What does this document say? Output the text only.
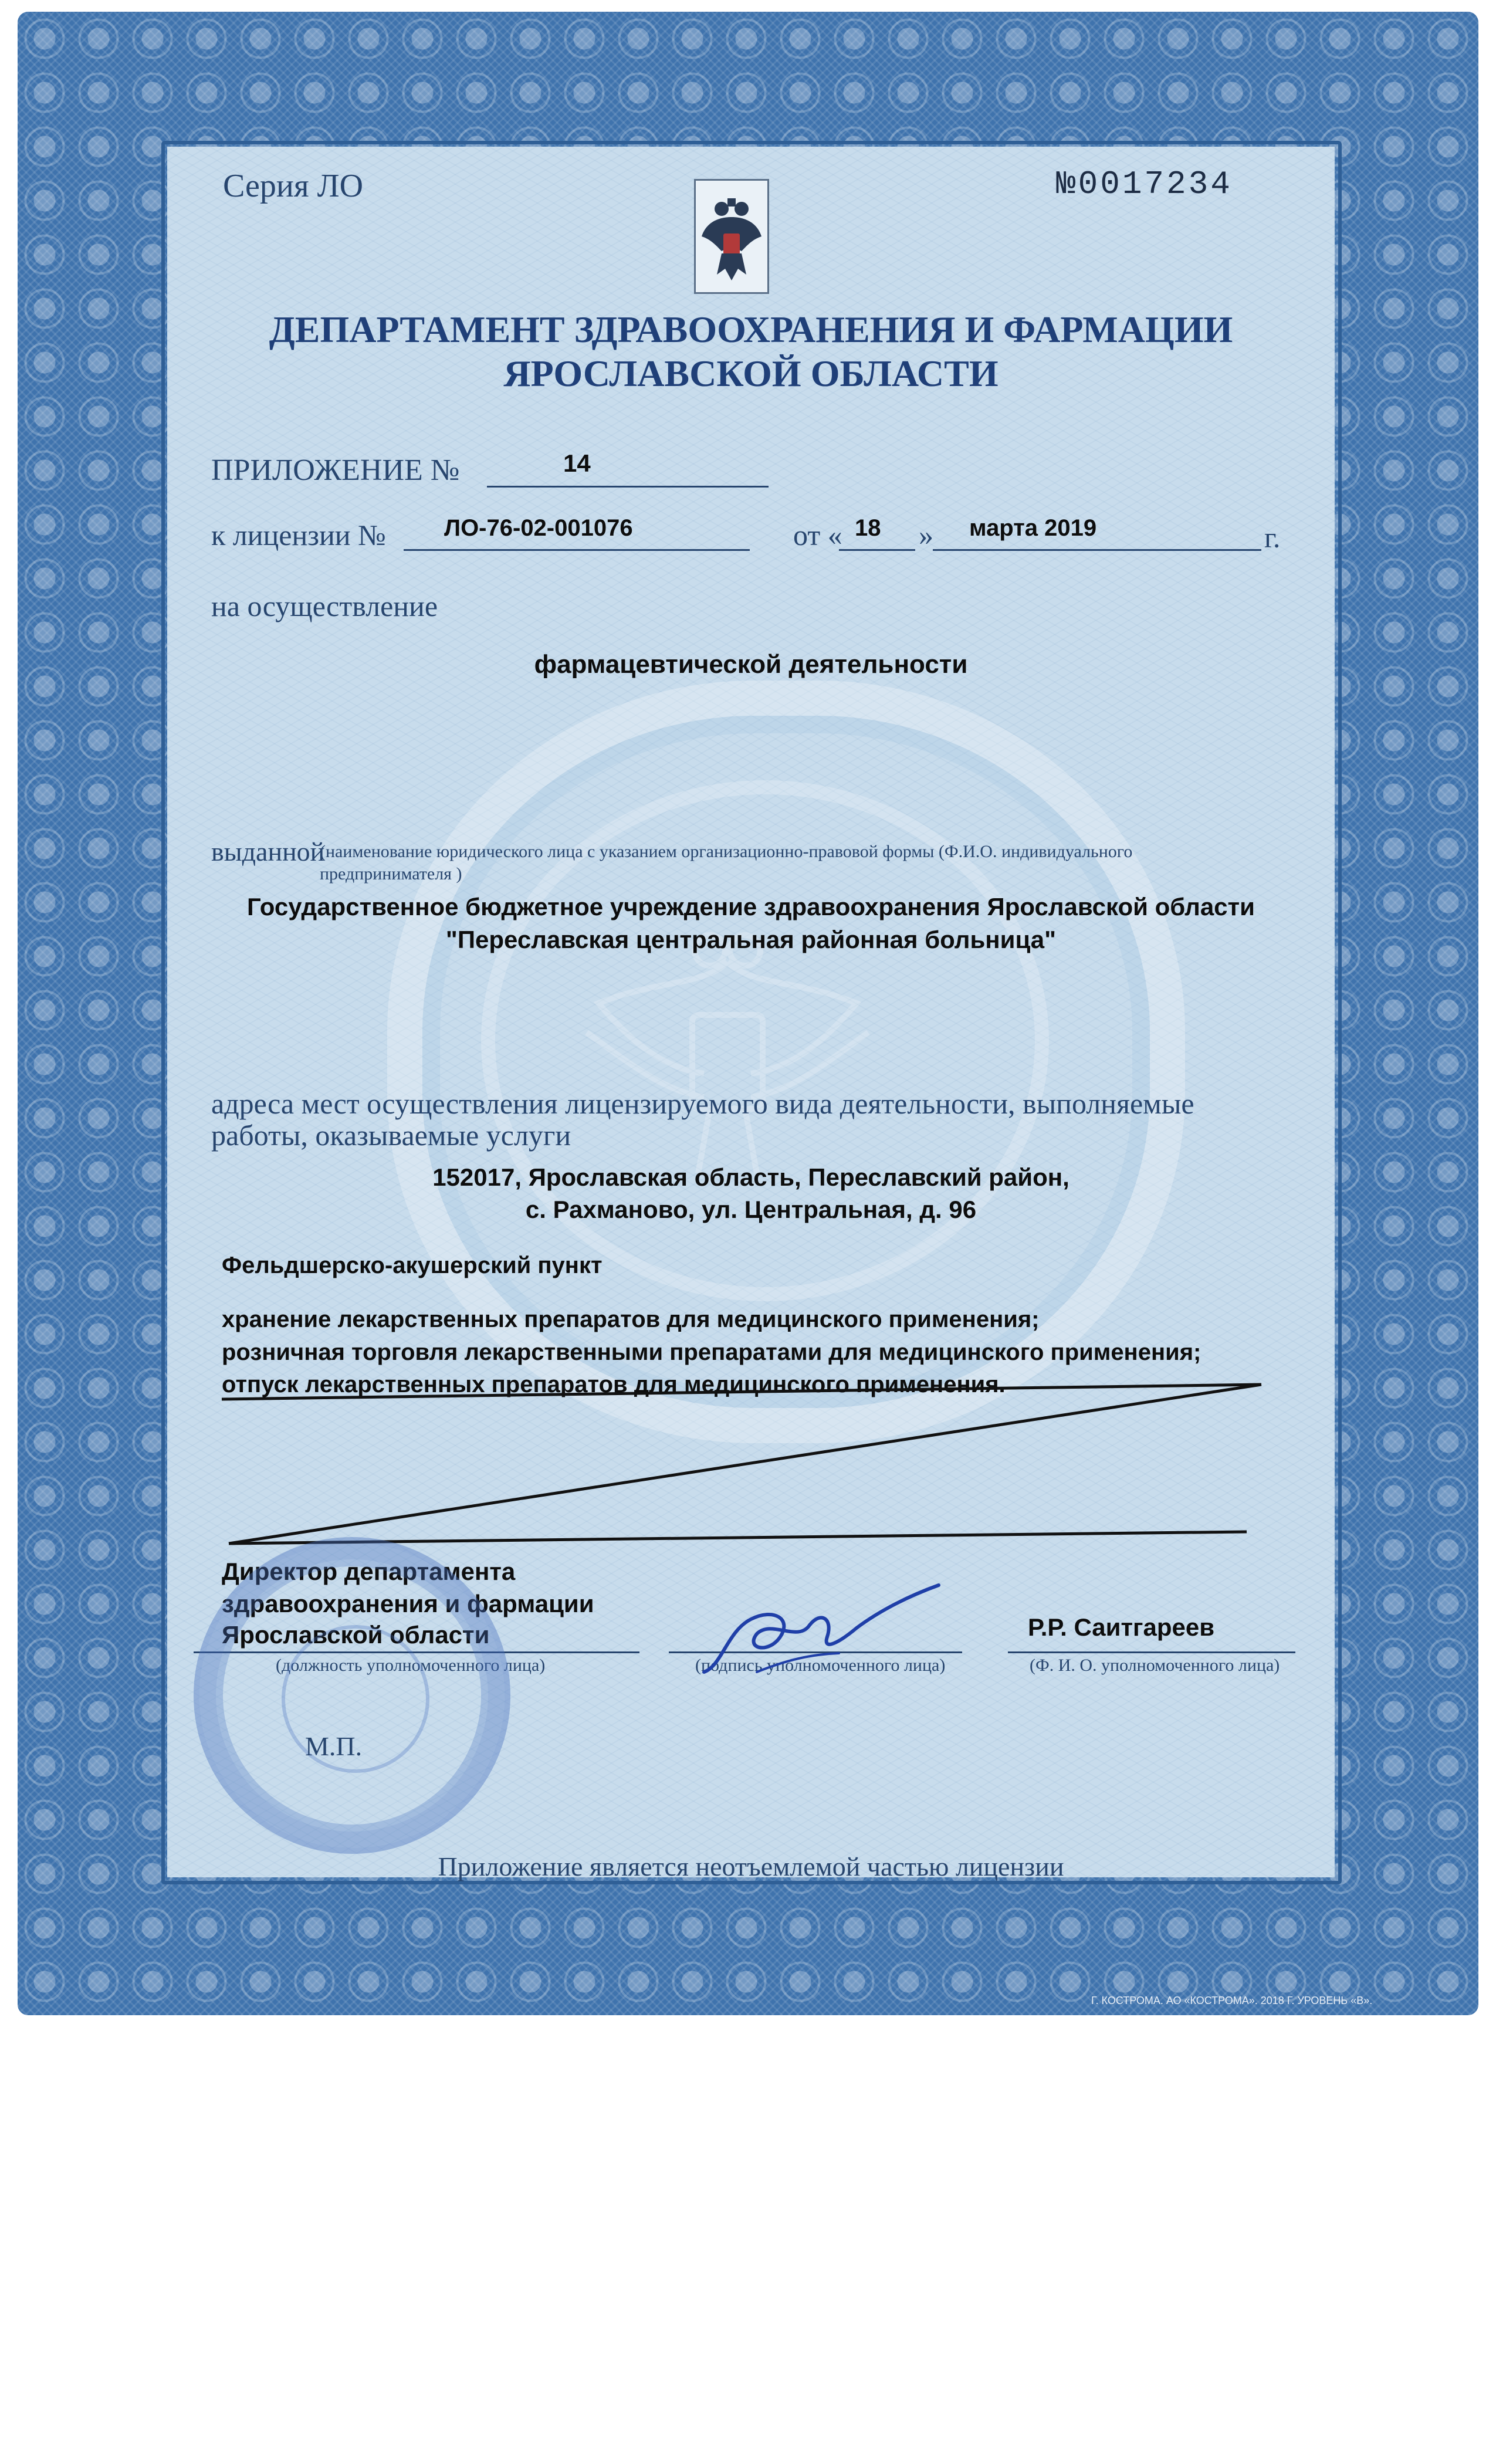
Серия ЛО	№0017234
ДЕПАРТАМЕНТ ЗДРАВООХРАНЕНИЯ И ФАРМАЦИИ
ЯРОСЛАВСКОЙ ОБЛАСТИ
ПРИЛОЖЕНИЕ №	14
к лицензии № ЛО-76-02-001076	от « 18 » марта 2019	г.
на осуществление
фармацевтической деятельности
выданной
(наименование юридического лица с указанием организационно-правовой формы (Ф.И.О. индивидуального предпринимателя )
Государственное бюджетное учреждение здравоохранения Ярославской области
"Переславская центральная районная больница"
адреса мест осуществления лицензируемого вида деятельности, выполняемые
работы, оказываемые услуги
152017, Ярославская область, Переславский район,
с. Рахманово, ул. Центральная, д. 96
Фельдшерско-акушерский пункт
хранение лекарственных препаратов для медицинского применения;
розничная торговля лекарственными препаратами для медицинского применения;
отпуск лекарственных препаратов для медицинского применения.
Директор департамента
здравоохранения и фармации
Ярославской области
(должность уполномоченного лица)	(подпись уполномоченного лица)
Р.Р. Саитгареев
(Ф. И. О. уполномоченного лица)
М.П.
Приложение является неотъемлемой частью лицензии
Г. КОСТРОМА. АО «КОСТРОМА». 2018 Г. УРОВЕНЬ «В».
